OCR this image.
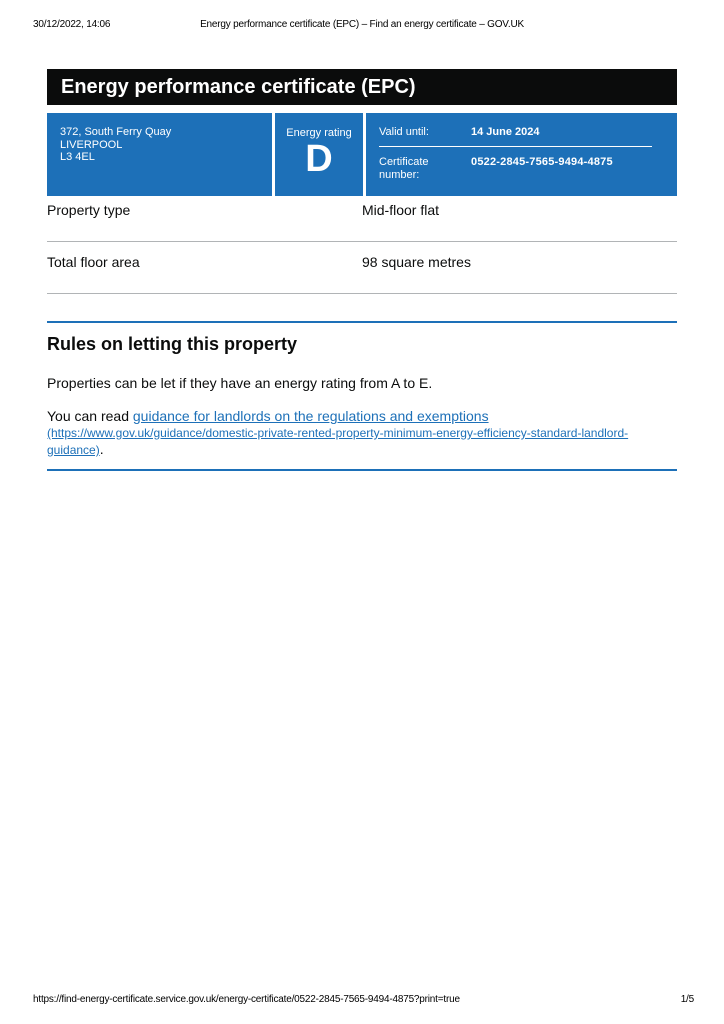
30/12/2022, 14:06	Energy performance certificate (EPC) – Find an energy certificate – GOV.UK
Energy performance certificate (EPC)
372, South Ferry Quay
LIVERPOOL
L3 4EL
Energy rating
D
Valid until:	14 June 2024
Certificate number:
0522-2845-7565-9494-4875
Property type	Mid-floor flat
Total floor area	98 square metres
Rules on letting this property

Properties can be let if they have an energy rating from A to E.

You can read guidance for landlords on the regulations and exemptions (https://www.gov.uk/guidance/domestic-private-rented-property-minimum-energy-efficiency-standard-landlord-guidance).

https://find-energy-certificate.service.gov.uk/energy-certificate/0522-2845-7565-9494-4875?print=true	1/5
